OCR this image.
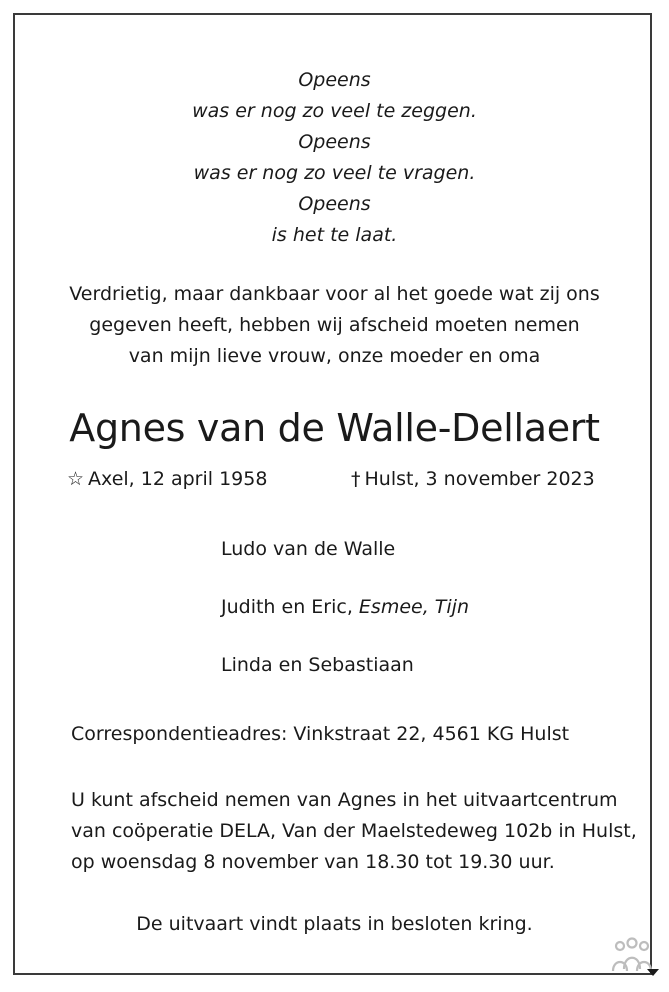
Opeens
was er nog zo veel te zeggen.
Opeens
was er nog zo veel te vragen.
Opeens
is het te laat.
Verdrietig, maar dankbaar voor al het goede wat zij ons
gegeven heeft, hebben wij afscheid moeten nemen
van mijn lieve vrouw, onze moeder en oma
Agnes van de Walle-Dellaert
☆ Axel, 12 april 1958	† Hulst, 3 november 2023
Ludo van de Walle
Judith en Eric, Esmee, Tijn
Linda en Sebastiaan
Correspondentieadres: Vinkstraat 22, 4561 KG Hulst
U kunt afscheid nemen van Agnes in het uitvaartcentrum
van coöperatie DELA, Van der Maelstedeweg 102b in Hulst,
op woensdag 8 november van 18.30 tot 19.30 uur.
De uitvaart vindt plaats in besloten kring.
